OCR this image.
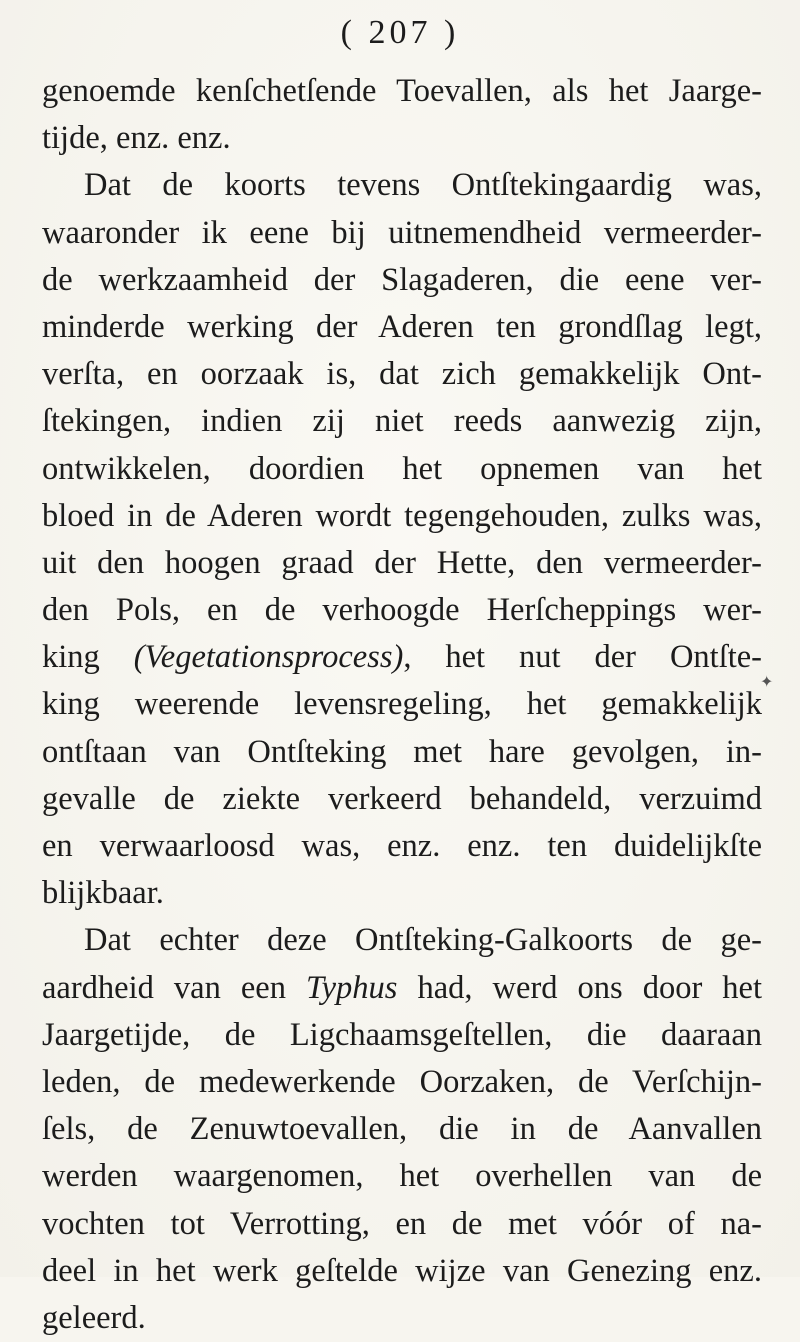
( 207 )
genoemde kenſchetſende Toevallen, als het Jaarge-
tijde, enz. enz.
Dat de koorts tevens Ontſtekingaardig was,
waaronder ik eene bij uitnemendheid vermeerder-
de werkzaamheid der Slagaderen, die eene ver-
minderde werking der Aderen ten grondſlag legt,
verſta, en oorzaak is, dat zich gemakkelijk Ont-
ſtekingen, indien zij niet reeds aanwezig zijn,
ontwikkelen, doordien het opnemen van het
bloed in de Aderen wordt tegengehouden, zulks was,
uit den hoogen graad der Hette, den vermeerder-
den Pols, en de verhoogde Herſcheppings wer-
king (Vegetationsprocess), het nut der Ontſte-
king weerende levensregeling, het gemakkelijk
ontſtaan van Ontſteking met hare gevolgen, in-
gevalle de ziekte verkeerd behandeld, verzuimd
en verwaarloosd was, enz. enz. ten duidelijkſte
blijkbaar.
Dat echter deze Ontſteking-Galkoorts de ge-
aardheid van een Typhus had, werd ons door het
Jaargetijde, de Ligchaamsgeſtellen, die daaraan
leden, de medewerkende Oorzaken, de Verſchijn-
ſels, de Zenuwtoevallen, die in de Aanvallen
werden waargenomen, het overhellen van de
vochten tot Verrotting, en de met vóór of na-
deel in het werk geſtelde wijze van Genezing enz.
geleerd.
✦
